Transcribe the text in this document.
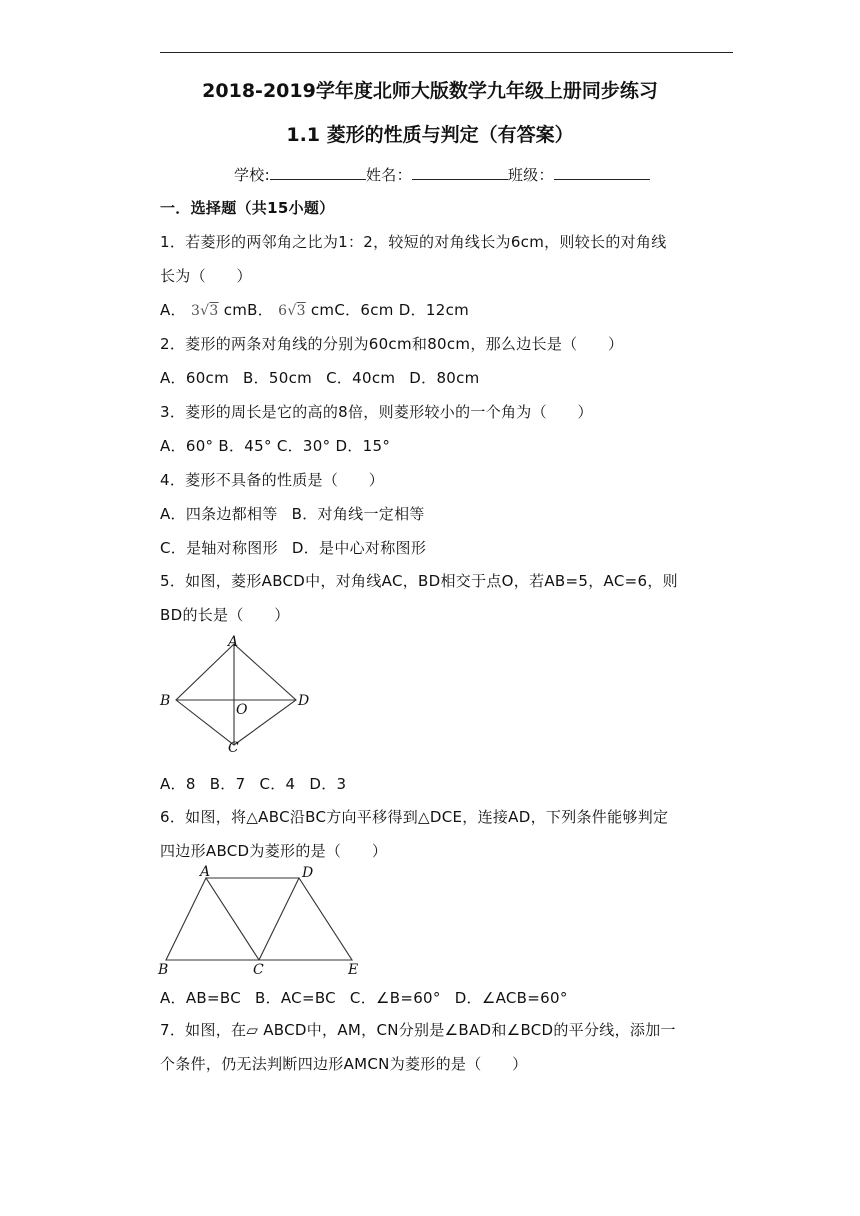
2018-2019学年度北师大版数学九年级上册同步练习
1.1 菱形的性质与判定（有答案）
学校:	姓名：	班级：
一．选择题（共15小题）
1．若菱形的两邻角之比为1：2，较短的对角线长为6cm，则较长的对角线
长为（　　）
A． 3√3 cmB． 6√3 cmC．6cm D．12cm
2．菱形的两条对角线的分别为60cm和80cm，那么边长是（　　）
A．60cm B．50cm C．40cm D．80cm
3．菱形的周长是它的高的8倍，则菱形较小的一个角为（　　）
A．60° B．45° C．30° D．15°
4．菱形不具备的性质是（　　）
A．四条边都相等 B．对角线一定相等
C．是轴对称图形 D．是中心对称图形
5．如图，菱形ABCD中，对角线AC，BD相交于点O，若AB=5，AC=6，则
BD的长是（　　）
A
B
C
D
O
A．8 B．7 C．4 D．3
6．如图，将△ABC沿BC方向平移得到△DCE，连接AD，下列条件能够判定
四边形ABCD为菱形的是（　　）
A	D
B	C	E
A．AB=BC B．AC=BC C．∠B=60° D．∠ACB=60°
7．如图，在▱ ABCD中，AM，CN分别是∠BAD和∠BCD的平分线，添加一
个条件，仍无法判断四边形AMCN为菱形的是（　　）
